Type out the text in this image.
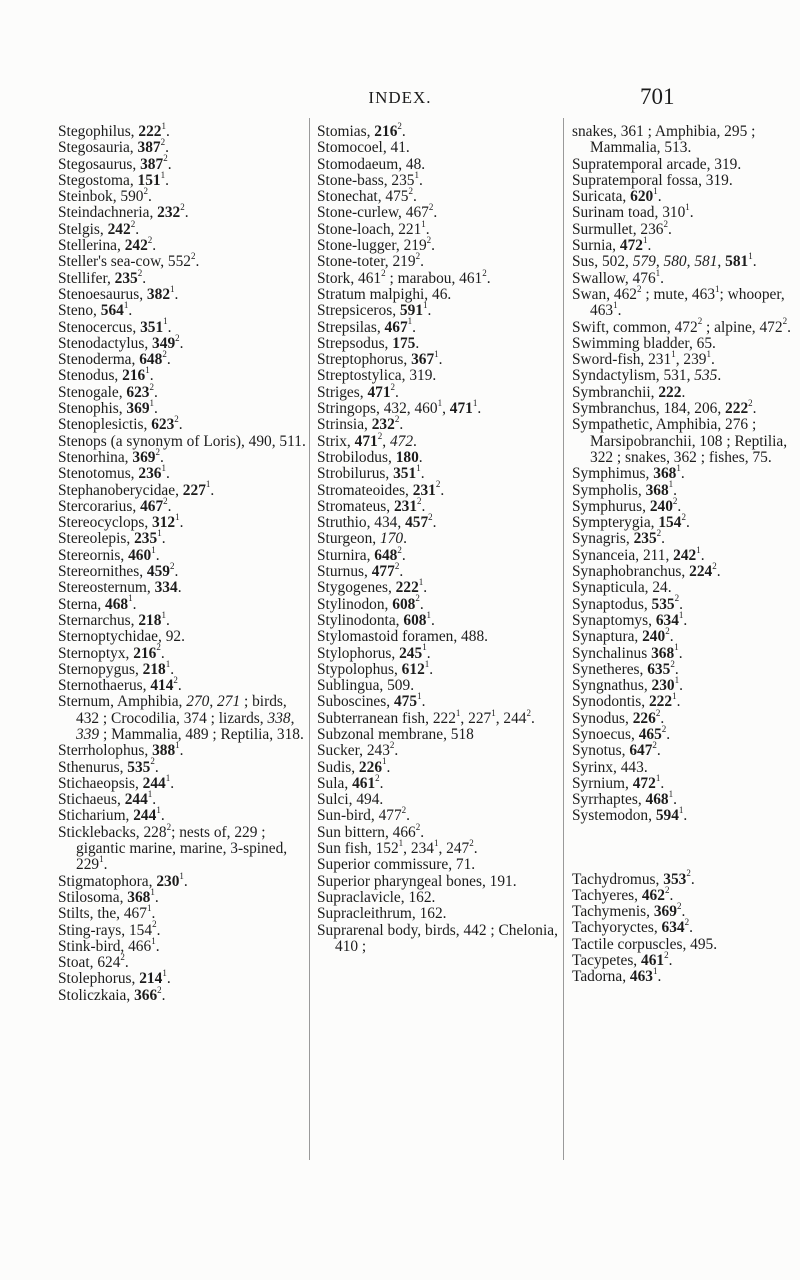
INDEX.	701

Stegophilus, $222^1$.

Stegosauria, $387^2$.

Stegosaurus, $387^2$.

Stegostoma, $151^1$.

Steinbok, $590^2$.

Steindachneria, $232^2$.

Stelgis, $242^2$.

Stellerina, $242^2$.

Steller's sea-cow, $552^2$.

Stellifer, $235^2$.

Stenoesaurus, $382^1$.

Steno, $564^1$.

Stenocercus, $351^1$.

Stenodactylus, $349^2$.

Stenoderma, $648^2$.

Stenodus, $216^1$.

Stenogale, $623^2$.

Stenophis, $369^1$.

Stenoplesictis, $623^2$.

Stenops (a synonym of Loris), 490, 511.

Stenorhina, $369^2$.

Stenotomus, $236^1$.

Stephanoberycidae, $227^1$.

Stercorarius, $467^2$.

Stereocyclops, $312^1$.

Stereolepis, $235^1$.

Stereornis, $460^1$.

Stereornithes, $459^2$.

Stereosternum, 334.

Sterna, $468^1$.

Sternarchus, $218^1$.

Sternoptychidae, 92.

Sternoptyx, $216^2$.

Sternopygus, $218^1$.

Sternothaerus, $414^2$.

Sternum, Amphibia, 270, 271 ; birds, 432 ; Crocodilia, 374 ; lizards, 338, 339 ; Mammalia, 489 ; Reptilia, 318.

Sterrholophus, $388^1$.

Sthenurus, $535^2$.

Stichaeopsis, $244^1$.

Stichaeus, $244^1$.

Sticharium, $244^1$.

Sticklebacks, $228^2$; nests of, 229 ; gigantic marine, marine, 3-spined, $229^1$.

Stigmatophora, $230^1$.

Stilosoma, $368^1$.

Stilts, the, $467^1$.

Sting-rays, $154^2$.

Stink-bird, $466^1$.

Stoat, $624^2$.

Stolephorus, $214^1$.

Stoliczkaia, $366^2$.

Stomias, $216^2$.

Stomocoel, 41.

Stomodaeum, 48.

Stone-bass, $235^1$.

Stonechat, $475^2$.

Stone-curlew, $467^2$.

Stone-loach, $221^1$.

Stone-lugger, $219^2$.

Stone-toter, $219^2$.

Stork, $461^2$ ; marabou, $461^2$.

Stratum malpighi, 46.

Strepsiceros, $591^1$.

Strepsilas, $467^1$.

Strepsodus, 175.

Streptophorus, $367^1$.

Streptostylica, 319.

Striges, $471^2$.

Stringops, 432, $460^1$, $471^1$.

Strinsia, $232^2$.

Strix, $471^2$, 472.

Strobilodus, 180.

Strobilurus, $351^1$.

Stromateoides, $231^2$.

Stromateus, $231^2$.

Struthio, 434, $457^2$.

Sturgeon, 170.

Sturnira, $648^2$.

Sturnus, $477^2$.

Stygogenes, $222^1$.

Stylinodon, $608^2$.

Stylinodonta, $608^1$.

Stylomastoid foramen, 488.

Stylophorus, $245^1$.

Stypolophus, $612^1$.

Sublingua, 509.

Suboscines, $475^1$.

Subterranean fish, $222^1$, $227^1$, $244^2$.

Subzonal membrane, 518

Sucker, $243^2$.

Sudis, $226^1$.

Sula, $461^2$.

Sulci, 494.

Sun-bird, $477^2$.

Sun bittern, $466^2$.

Sun fish, $152^1$, $234^1$, $247^2$.

Superior commissure, 71.

Superior pharyngeal bones, 191.

Supraclavicle, 162.

Supracleithrum, 162.

Suprarenal body, birds, 442 ; Chelonia, 410 ;

snakes, 361 ; Amphibia, 295 ; Mammalia, 513.

Supratemporal arcade, 319.

Supratemporal fossa, 319.

Suricata, $620^1$.

Surinam toad, $310^1$.

Surmullet, $236^2$.

Surnia, $472^1$.

Sus, 502, 579, 580, 581, $581^1$.

Swallow, $476^1$.

Swan, $462^2$ ; mute, $463^1$; whooper, $463^1$.

Swift, common, $472^2$ ; alpine, $472^2$.

Swimming bladder, 65.

Sword-fish, $231^1$, $239^1$.

Syndactylism, 531, 535.

Symbranchii, 222.

Symbranchus, 184, 206, $222^2$.

Sympathetic, Amphibia, 276 ; Marsipobranchii, 108 ; Reptilia, 322 ; snakes, 362 ; fishes, 75.

Symphimus, $368^1$.

Sympholis, $368^1$.

Symphurus, $240^2$.

Sympterygia, $154^2$.

Synagris, $235^2$.

Synanceia, 211, $242^1$.

Synaphobranchus, $224^2$.

Synapticula, 24.

Synaptodus, $535^2$.

Synaptomys, $634^1$.

Synaptura, $240^2$.

Synchalinus $368^1$.

Synetheres, $635^2$.

Syngnathus, $230^1$.

Synodontis, $222^1$.

Synodus, $226^2$.

Synoecus, $465^2$.

Synotus, $647^2$.

Syrinx, 443.

Syrnium, $472^1$.

Syrrhaptes, $468^1$.

Systemodon, $594^1$.

Tachydromus, $353^2$.

Tachyeres, $462^2$.

Tachymenis, $369^2$.

Tachyoryctes, $634^2$.

Tactile corpuscles, 495.

Tacypetes, $461^2$.

Tadorna, $463^1$.
